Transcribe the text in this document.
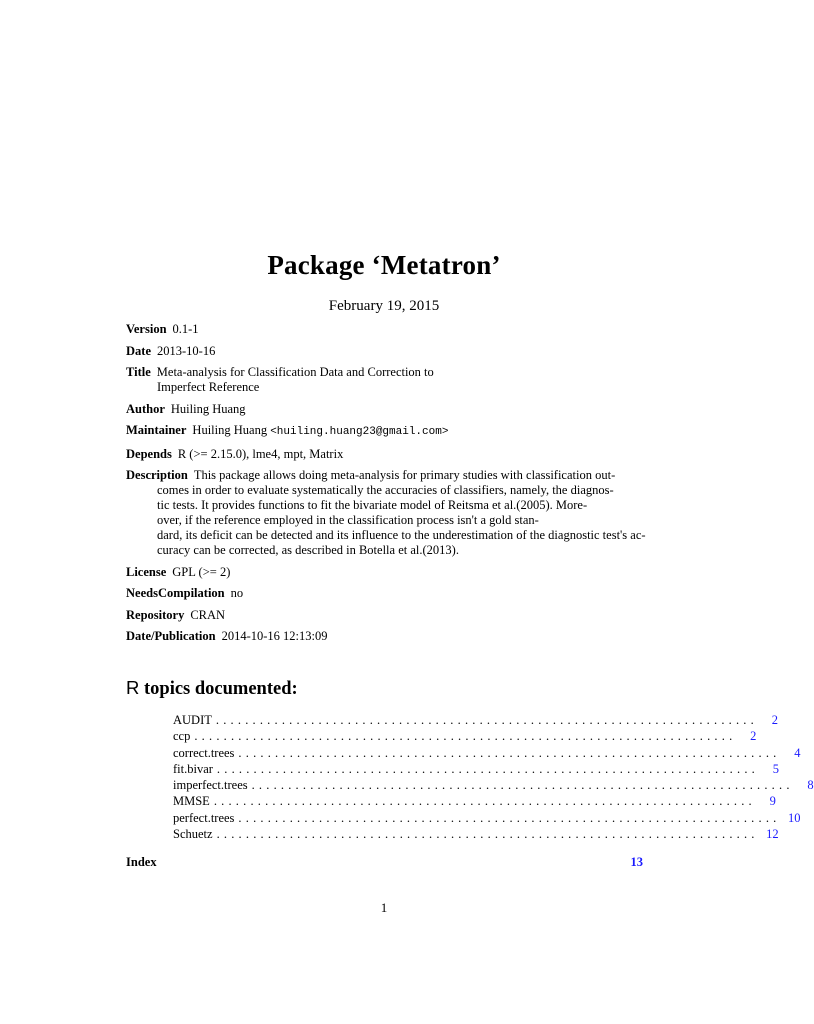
Package ‘Metatron’
February 19, 2015
Version 0.1-1
Date 2013-10-16
Title Meta-analysis for Classification Data and Correction to
Imperfect Reference
Author Huiling Huang
Maintainer Huiling Huang <huiling.huang23@gmail.com>
Depends R (>= 2.15.0), lme4, mpt, Matrix
Description This package allows doing meta-analysis for primary studies with classification out-
comes in order to evaluate systematically the accuracies of classifiers, namely, the diagnos-
tic tests. It provides functions to fit the bivariate model of Reitsma et al.(2005). More-
over, if the reference employed in the classification process isn't a gold stan-
dard, its deficit can be detected and its influence to the underestimation of the diagnostic test's ac-
curacy can be corrected, as described in Botella et al.(2013).
License GPL (>= 2)
NeedsCompilation no
Repository CRAN
Date/Publication 2014-10-16 12:13:09
R topics documented:
AUDIT ..........................................................................	2
ccp ..........................................................................	2
correct.trees ..........................................................................	4
fit.bivar ..........................................................................	5
imperfect.trees ..........................................................................	8
MMSE ..........................................................................	9
perfect.trees .......................................................................... 10
Schuetz .......................................................................... 12
Index	13
1
